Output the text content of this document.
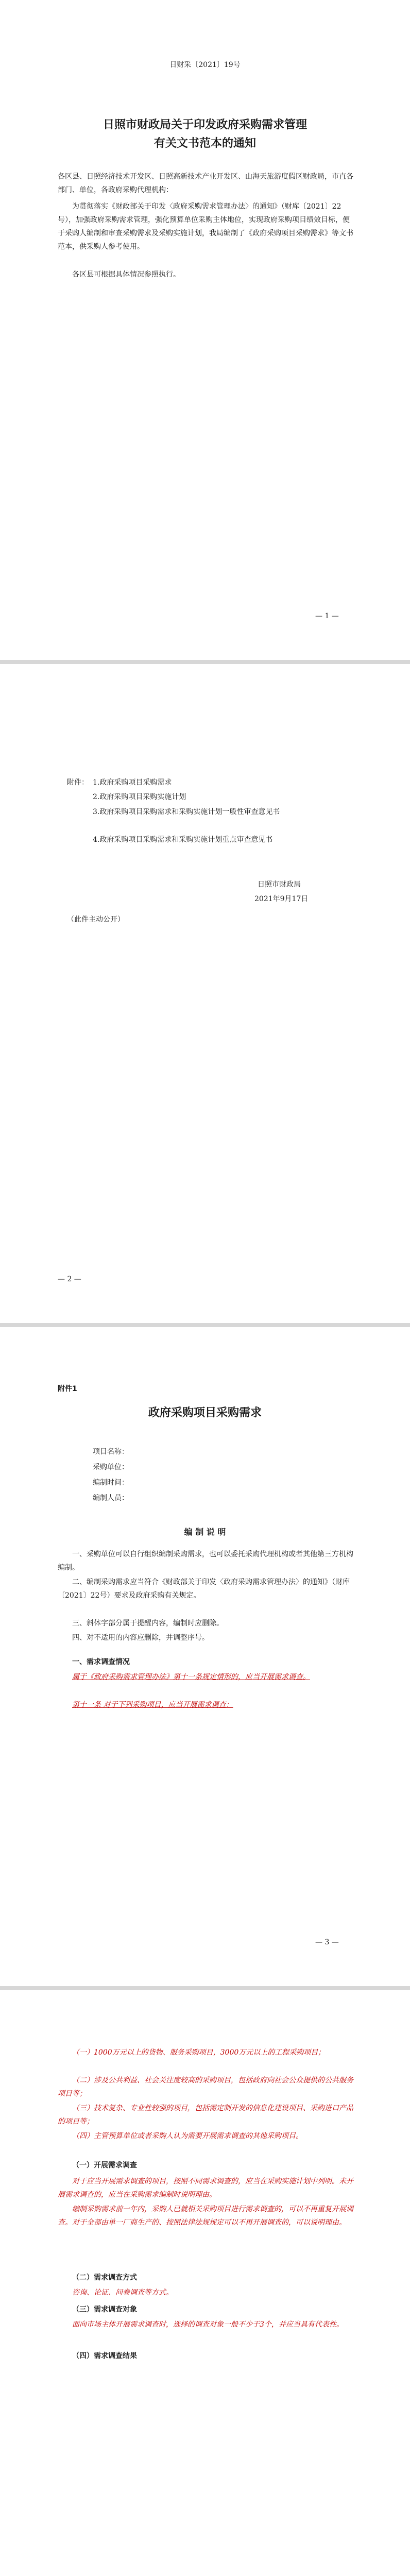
日财采〔2021〕19号
日照市财政局关于印发政府采购需求管理
有关文书范本的通知
各区县、日照经济技术开发区、日照高新技术产业开发区、山海天旅游度假区财政局，市直各部门、单位，各政府采购代理机构：
为贯彻落实《财政部关于印发〈政府采购需求管理办法〉的通知》（财库〔2021〕22号），加强政府采购需求管理，强化预算单位采购主体地位，实现政府采购项目绩效目标，便于采购人编制和审查采购需求及采购实施计划，我局编制了《政府采购项目采购需求》等文书范本，供采购人参考使用。
各区县可根据具体情况参照执行。
— 1 —
附件： 1.政府采购项目采购需求
2.政府采购项目采购实施计划
3.政府采购项目采购需求和采购实施计划一般性审查意见书
4.政府采购项目采购需求和采购实施计划重点审查意见书
日照市财政局
2021年9月17日
（此件主动公开）
— 2 —
附件1
政府采购项目采购需求
项目名称：
采购单位：
编制时间：
编制人员：
编 制 说 明
一、采购单位可以自行组织编制采购需求，也可以委托采购代理机构或者其他第三方机构编制。
二、编制采购需求应当符合《财政部关于印发〈政府采购需求管理办法〉的通知》（财库〔2021〕22号）要求及政府采购有关规定。
三、斜体字部分属于提醒内容，编制时应删除。
四、对不适用的内容应删除，并调整序号。
一、需求调查情况
属于《政府采购需求管理办法》第十一条规定情形的，应当开展需求调查。
第十一条 对于下列采购项目，应当开展需求调查：
— 3 —
（一）1000万元以上的货物、服务采购项目，3000万元以上的工程采购项目；
（二）涉及公共利益、社会关注度较高的采购项目，包括政府向社会公众提供的公共服务项目等；
（三）技术复杂、专业性较强的项目，包括需定制开发的信息化建设项目、采购进口产品的项目等；
（四）主管预算单位或者采购人认为需要开展需求调查的其他采购项目。
（一）开展需求调查
对于应当开展需求调查的项目，按照不同需求调查的，应当在采购实施计划中列明。未开展需求调查的，应当在采购需求编制时说明理由。
编制采购需求前一年内，采购人已就相关采购项目进行需求调查的，可以不再重复开展调查。对于全部由单一厂商生产的、按照法律法规规定可以不再开展调查的，可以说明理由。
（二）需求调查方式
咨询、论证、问卷调查等方式。
（三）需求调查对象
面向市场主体开展需求调查时，选择的调查对象一般不少于3个，并应当具有代表性。
（四）需求调查结果
